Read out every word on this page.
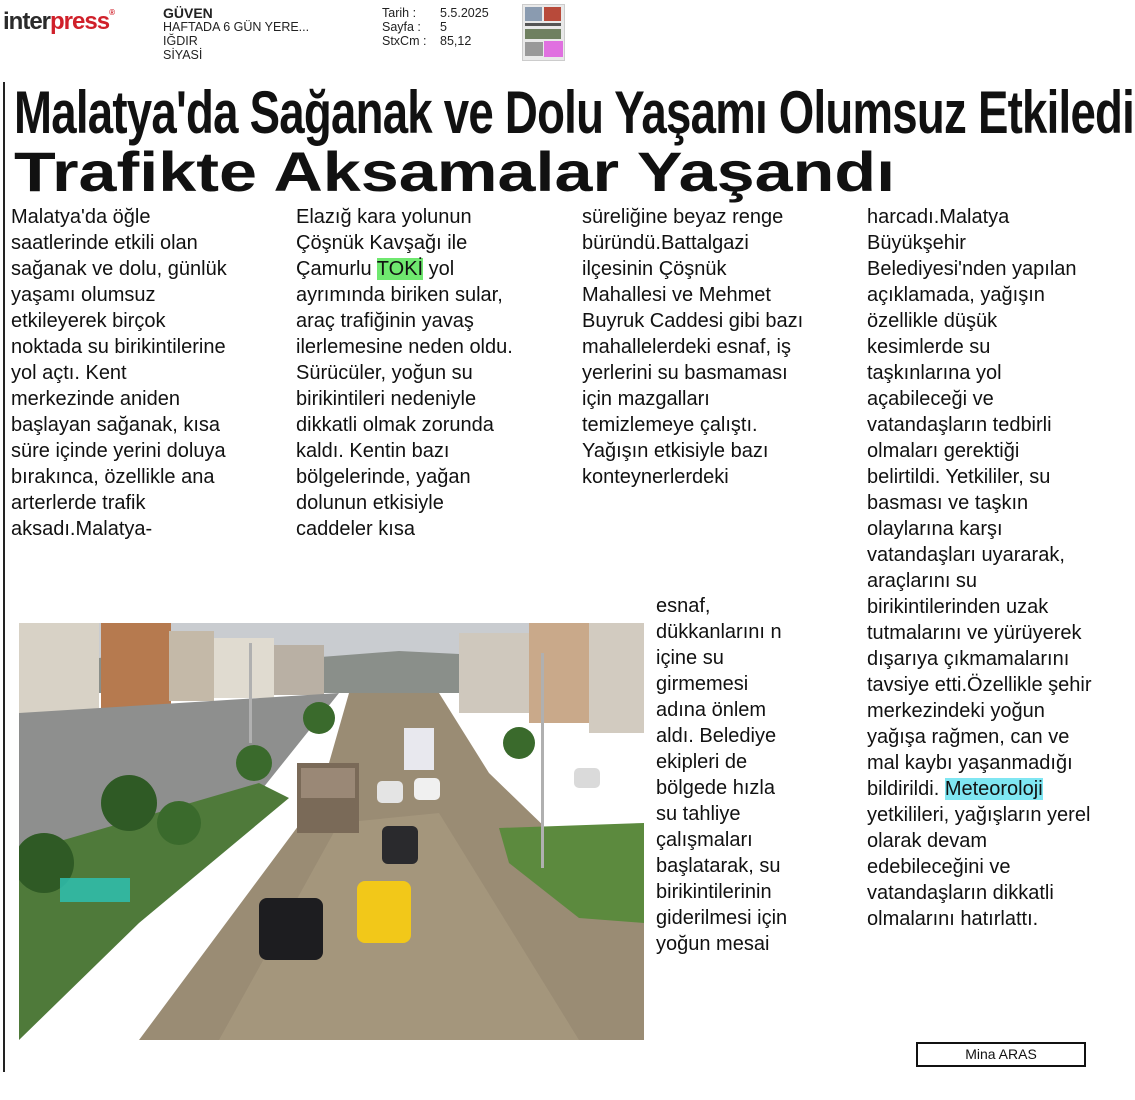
interpress®	GÜVEN
HAFTADA 6 GÜN YERE...
IĞDIR
SİYASİ
Tarih :	5.5.2025
Sayfa :	5
StxCm :	85,12
Malatya'da Sağanak ve Dolu Yaşamı Olumsuz Etkiledi
Trafikte Aksamalar Yaşandı

Malatya'da öğle saatlerinde etkili olan sağanak ve dolu, günlük yaşamı olumsuz etkileyerek birçok noktada su birikintilerine yol açtı. Kent merkezinde aniden başlayan sağanak, kısa süre içinde yerini doluya bırakınca, özellikle ana arterlerde trafik aksadı.Malatya-

Elazığ kara yolunun Çöşnük Kavşağı ile Çamurlu TOKİ yol ayrımında biriken sular, araç trafiğinin yavaş ilerlemesine neden oldu. Sürücüler, yoğun su birikintileri nedeniyle dikkatli olmak zorunda kaldı. Kentin bazı bölgelerinde, yağan dolunun etkisiyle caddeler kısa

süreliğine beyaz renge büründü.Battalgazi ilçesinin Çöşnük Mahallesi ve Mehmet Buyruk Caddesi gibi bazı mahallelerdeki esnaf, iş yerlerini su basmaması için mazgalları temizlemeye çalıştı. Yağışın etkisiyle bazı konteynerlerdeki

esnaf, dükkanlarını n içine su girmemesi adına önlem aldı. Belediye ekipleri de bölgede hızla su tahliye çalışmaları başlatarak, su birikintilerinin giderilmesi için yoğun mesai

harcadı.Malatya Büyükşehir Belediyesi'nden yapılan açıklamada, yağışın özellikle düşük kesimlerde su taşkınlarına yol açabileceği ve vatandaşların tedbirli olmaları gerektiği belirtildi. Yetkililer, su basması ve taşkın olaylarına karşı vatandaşları uyararak, araçlarını su birikintilerinden uzak tutmalarını ve yürüyerek dışarıya çıkmamalarını tavsiye etti.Özellikle şehir merkezindeki yoğun yağışa rağmen, can ve mal kaybı yaşanmadığı bildirildi. Meteoroloji yetkilileri, yağışların yerel olarak devam edebileceğini ve vatandaşların dikkatli olmalarını hatırlattı.

Mina ARAS
